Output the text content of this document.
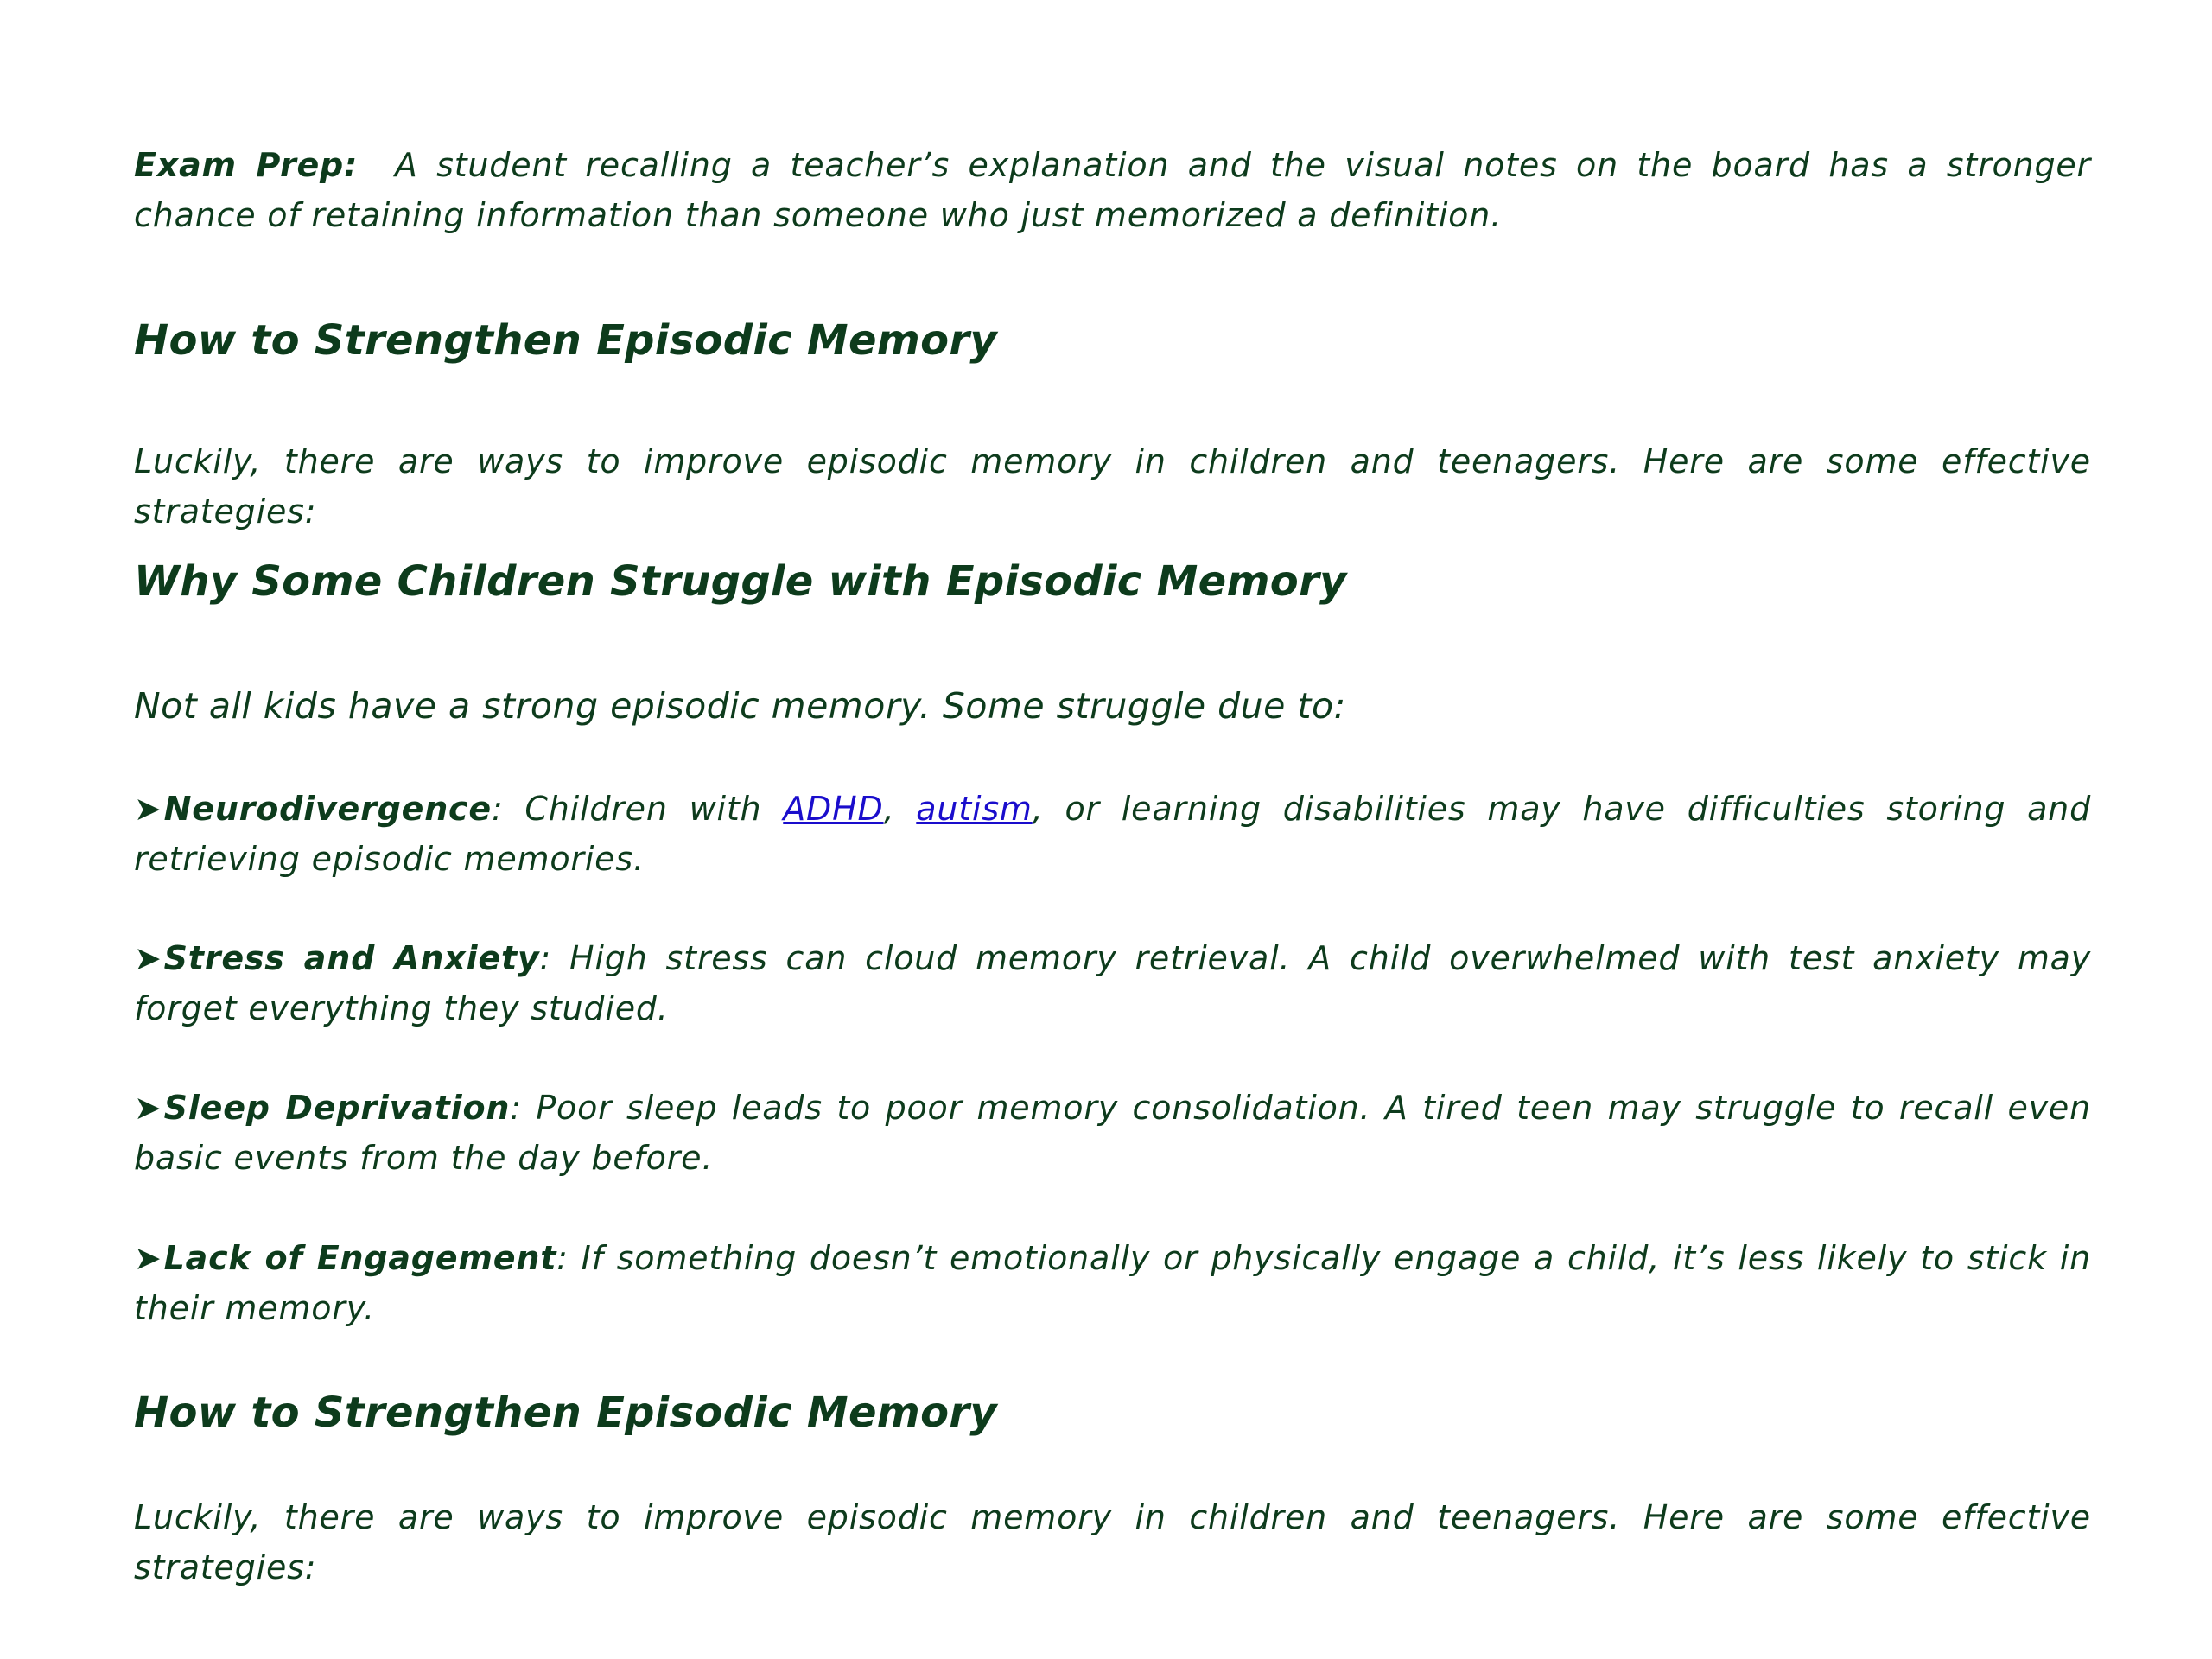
Exam Prep: A student recalling a teacher’s explanation and the visual notes on the board has a stronger chance of retaining information than someone who just memorized a definition.

How to Strengthen Episodic Memory

Luckily, there are ways to improve episodic memory in children and teenagers. Here are some effective strategies:

Why Some Children Struggle with Episodic Memory

Not all kids have a strong episodic memory. Some struggle due to:

➤Neurodivergence: Children with ADHD, autism, or learning disabilities may have difficulties storing and retrieving episodic memories.

➤Stress and Anxiety: High stress can cloud memory retrieval. A child overwhelmed with test anxiety may forget everything they studied.

➤Sleep Deprivation: Poor sleep leads to poor memory consolidation. A tired teen may struggle to recall even basic events from the day before.

➤Lack of Engagement: If something doesn’t emotionally or physically engage a child, it’s less likely to stick in their memory.

How to Strengthen Episodic Memory

Luckily, there are ways to improve episodic memory in children and teenagers. Here are some effective strategies:
